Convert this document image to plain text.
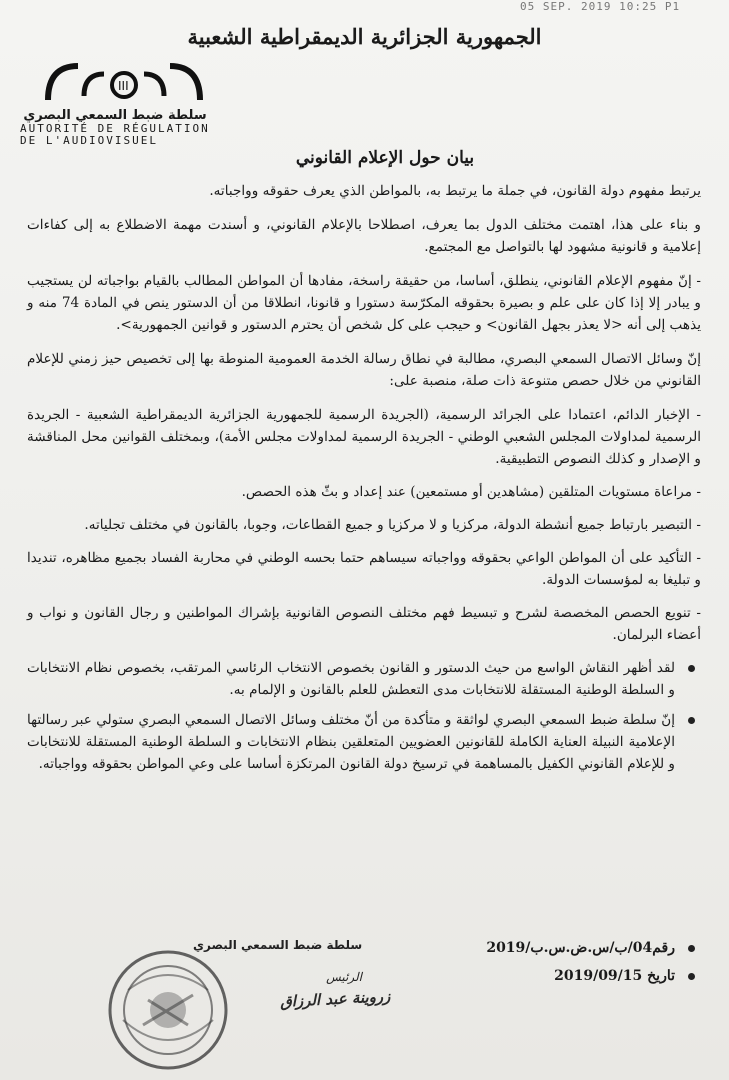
05 SEP. 2019 10:25 P1
الجمهورية الجزائرية الديمقراطية الشعبية
III
سلطة ضبط السمعي البصري
AUTORITÉ DE RÉGULATION
DE L'AUDIOVISUEL
بيان حول الإعلام القانوني

يرتبط مفهوم دولة القانون، في جملة ما يرتبط به، بالمواطن الذي يعرف حقوقه وواجباته.

و بناء على هذا، اهتمت مختلف الدول بما يعرف، اصطلاحا بالإعلام القانوني، و أسندت مهمة الاضطلاع به إلى كفاءات إعلامية و قانونية مشهود لها بالتواصل مع المجتمع.

- إنّ مفهوم الإعلام القانوني، ينطلق، أساسا، من حقيقة راسخة، مفادها أن المواطن المطالب بالقيام بواجباته لن يستجيب و يبادر إلا إذا كان على علم و بصيرة بحقوقه المكرّسة دستورا و قانونا، انطلاقا من أن الدستور ينص في المادة 74 منه و يذهب إلى أنه <لا يعذر بجهل القانون> و حيجب على كل شخص أن يحترم الدستور و قوانين الجمهورية>.

إنّ وسائل الاتصال السمعي البصري، مطالبة في نطاق رسالة الخدمة العمومية المنوطة بها إلى تخصيص حيز زمني للإعلام القانوني من خلال حصص متنوعة ذات صلة، منصبة على:

- الإخبار الدائم، اعتمادا على الجرائد الرسمية، (الجريدة الرسمية للجمهورية الجزائرية الديمقراطية الشعبية - الجريدة الرسمية لمداولات المجلس الشعبي الوطني - الجريدة الرسمية لمداولات مجلس الأمة)، وبمختلف القوانين محل المناقشة و الإصدار و كذلك النصوص التطبيقية.

- مراعاة مستويات المتلقين (مشاهدين أو مستمعين) عند إعداد و بثّ هذه الحصص.

- التبصير بارتباط جميع أنشطة الدولة، مركزيا و لا مركزيا و جميع القطاعات، وجوبا، بالقانون في مختلف تجلياته.

- التأكيد على أن المواطن الواعي بحقوقه وواجباته سيساهم حتما بحسه الوطني في محاربة الفساد بجميع مظاهره، تنديدا و تبليغا به لمؤسسات الدولة.

- تنويع الحصص المخصصة لشرح و تبسيط فهم مختلف النصوص القانونية بإشراك المواطنين و رجال القانون و نواب و أعضاء البرلمان.

لقد أظهر النقاش الواسع من حيث الدستور و القانون بخصوص الانتخاب الرئاسي المرتقب، بخصوص نظام الانتخابات و السلطة الوطنية المستقلة للانتخابات مدى التعطش للعلم بالقانون و الإلمام به.
إنّ سلطة ضبط السمعي البصري لواثقة و متأكدة من أنّ مختلف وسائل الاتصال السمعي البصري ستولي عبر رسالتها الإعلامية النبيلة العناية الكاملة للقانونين العضويين المتعلقين بنظام الانتخابات و السلطة الوطنية المستقلة للانتخابات و للإعلام القانوني الكفيل بالمساهمة في ترسيخ دولة القانون المرتكزة أساسا على وعي المواطن بحقوقه وواجباته.
رقم04/ب/س.ض.س.ب/2019
تاريخ 2019/09/15
سلطة ضبط السمعي البصري
الرئيس
زروينة عبد الرزاق
